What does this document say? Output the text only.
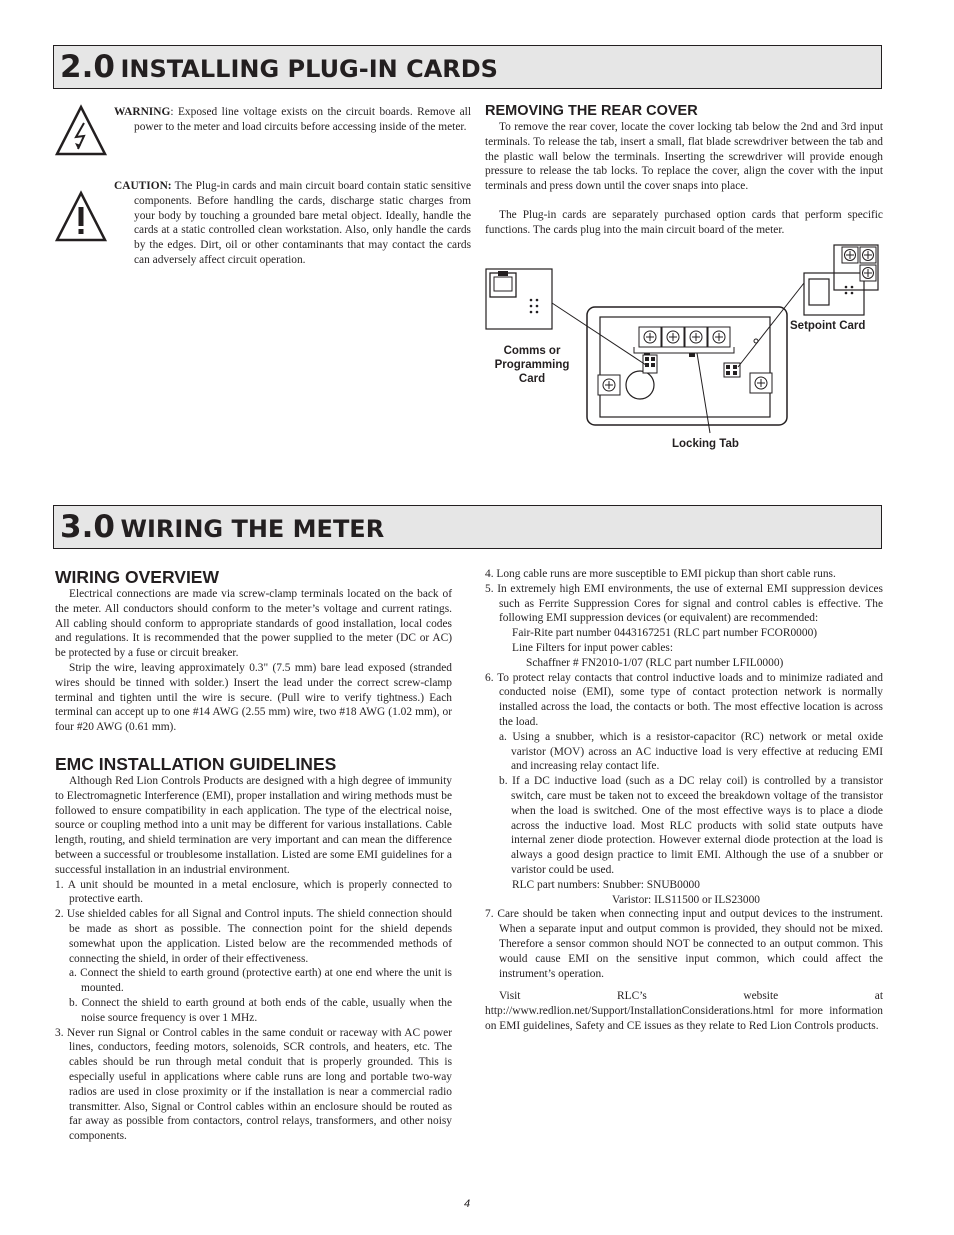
2.0 INSTALLING PLUG-IN CARDS
WARNING: Exposed line voltage exists on the circuit boards. Remove all power to the meter and load circuits before accessing inside of the meter.
CAUTION: The Plug-in cards and main circuit board contain static sensitive components. Before handling the cards, discharge static charges from your body by touching a grounded bare metal object. Ideally, handle the cards at a static controlled clean workstation. Also, only handle the cards by the edges. Dirt, oil or other contaminants that may contact the cards can adversely affect circuit operation.
REMOVING THE REAR COVER

To remove the rear cover, locate the cover locking tab below the 2nd and 3rd input terminals. To release the tab, insert a small, flat blade screwdriver between the tab and the plastic wall below the terminals. Inserting the screwdriver will provide enough pressure to release the tab locks. To replace the cover, align the cover with the input terminals and press down until the cover snaps into place.

The Plug-in cards are separately purchased option cards that perform specific functions. The cards plug into the main circuit board of the meter.

Comms or
Programming
Card
Setpoint Card
Locking Tab
3.0 WIRING THE METER
WIRING OVERVIEW

Electrical connections are made via screw-clamp terminals located on the back of the meter. All conductors should conform to the meter’s voltage and current ratings. All cabling should conform to appropriate standards of good installation, local codes and regulations. It is recommended that the power supplied to the meter (DC or AC) be protected by a fuse or circuit breaker.

Strip the wire, leaving approximately 0.3" (7.5 mm) bare lead exposed (stranded wires should be tinned with solder.) Insert the lead under the correct screw-clamp terminal and tighten until the wire is secure. (Pull wire to verify tightness.) Each terminal can accept up to one #14 AWG (2.55 mm) wire, two #18 AWG (1.02 mm), or four #20 AWG (0.61 mm).

EMC INSTALLATION GUIDELINES

Although Red Lion Controls Products are designed with a high degree of immunity to Electromagnetic Interference (EMI), proper installation and wiring methods must be followed to ensure compatibility in each application. The type of the electrical noise, source or coupling method into a unit may be different for various installations. Cable length, routing, and shield termination are very important and can mean the difference between a successful or troublesome installation. Listed are some EMI guidelines for a successful installation in an industrial environment.

1. A unit should be mounted in a metal enclosure, which is properly connected to protective earth.

2. Use shielded cables for all Signal and Control inputs. The shield connection should be made as short as possible. The connection point for the shield depends somewhat upon the application. Listed below are the recommended methods of connecting the shield, in order of their effectiveness.

a. Connect the shield to earth ground (protective earth) at one end where the unit is mounted.

b. Connect the shield to earth ground at both ends of the cable, usually when the noise source frequency is over 1 MHz.

3. Never run Signal or Control cables in the same conduit or raceway with AC power lines, conductors, feeding motors, solenoids, SCR controls, and heaters, etc. The cables should be run through metal conduit that is properly grounded. This is especially useful in applications where cable runs are long and portable two-way radios are used in close proximity or if the installation is near a commercial radio transmitter. Also, Signal or Control cables within an enclosure should be routed as far away as possible from contactors, control relays, transformers, and other noisy components.

4. Long cable runs are more susceptible to EMI pickup than short cable runs.

5. In extremely high EMI environments, the use of external EMI suppression devices such as Ferrite Suppression Cores for signal and control cables is effective. The following EMI suppression devices (or equivalent) are recommended:

Fair-Rite part number 0443167251 (RLC part number FCOR0000)

Line Filters for input power cables:

Schaffner # FN2010-1/07 (RLC part number LFIL0000)

6. To protect relay contacts that control inductive loads and to minimize radiated and conducted noise (EMI), some type of contact protection network is normally installed across the load, the contacts or both. The most effective location is across the load.

a. Using a snubber, which is a resistor-capacitor (RC) network or metal oxide varistor (MOV) across an AC inductive load is very effective at reducing EMI and increasing relay contact life.

b. If a DC inductive load (such as a DC relay coil) is controlled by a transistor switch, care must be taken not to exceed the breakdown voltage of the transistor when the load is switched. One of the most effective ways is to place a diode across the inductive load. Most RLC products with solid state outputs have internal zener diode protection. However external diode protection at the load is always a good design practice to limit EMI. Although the use of a snubber or varistor could be used.

RLC part numbers: Snubber: SNUB0000

Varistor: ILS11500 or ILS23000

7. Care should be taken when connecting input and output devices to the instrument. When a separate input and output common is provided, they should not be mixed. Therefore a sensor common should NOT be connected to an output common. This would cause EMI on the sensitive input common, which could affect the instrument’s operation.

Visit RLC’s website at http://www.redlion.net/Support/InstallationConsiderations.html for more information on EMI guidelines, Safety and CE issues as they relate to Red Lion Controls products.

4
